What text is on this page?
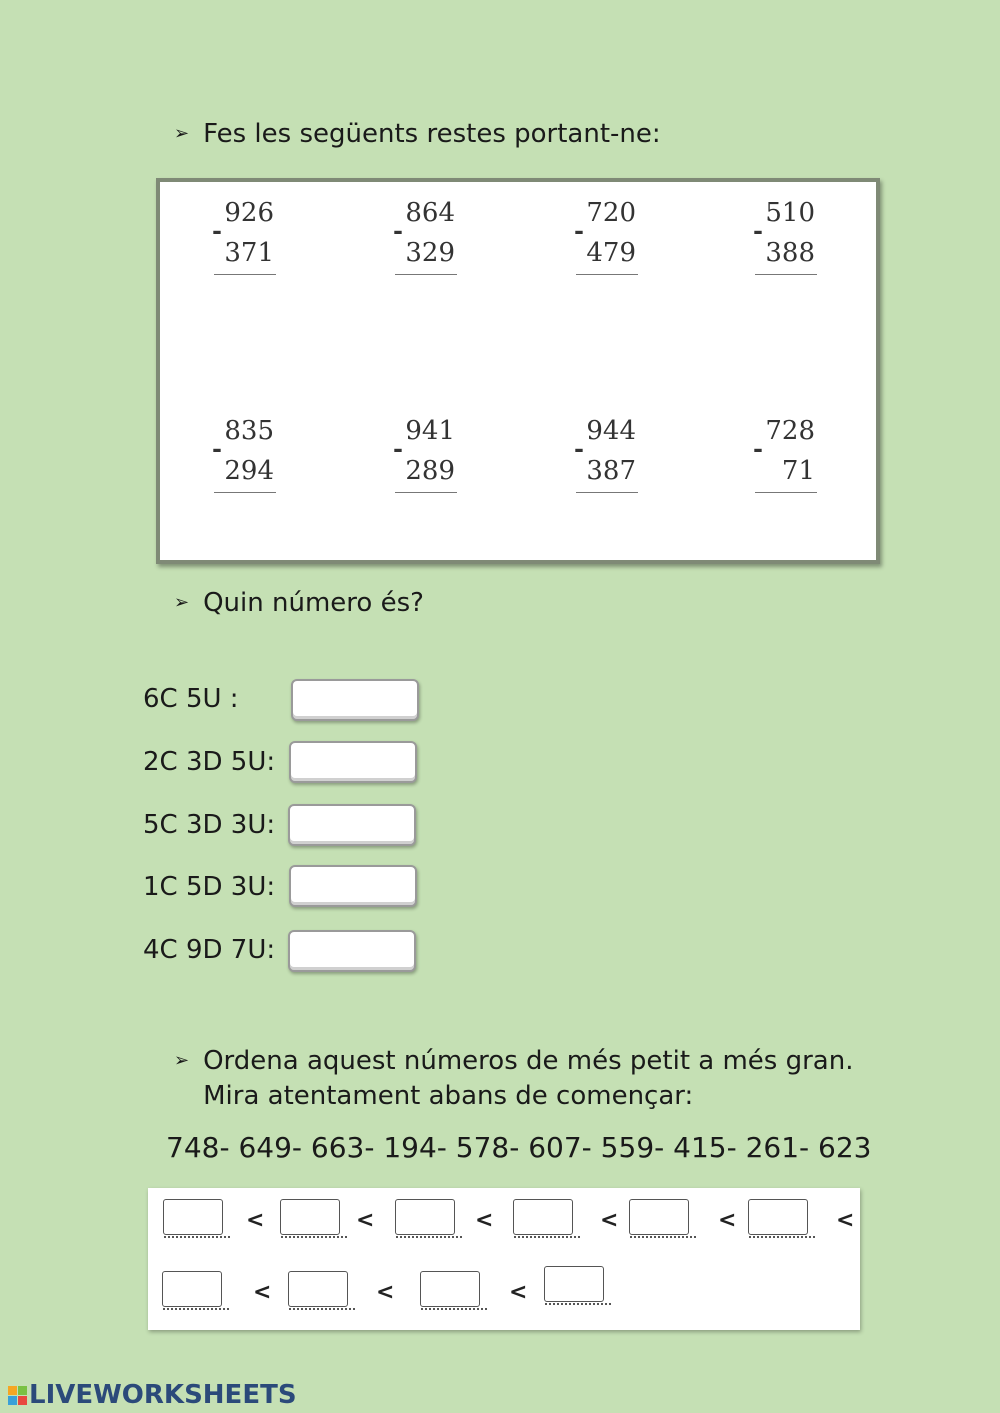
➢ Fes les següents restes portant-ne:
-
926
371
-
864
329
-
720
479
-
510
388
-
835
294
-
941
289
-
944
387
-
728
71
➢ Quin número és?
6C 5U :
2C 3D 5U:
5C 3D 3U:
1C 5D 3U:
4C 9D 7U:
➢ Ordena aquest números de més petit a més gran.
Mira atentament abans de començar:
748- 649- 663- 194- 578- 607- 559- 415- 261- 623
<	<	<	<	<	<
<	<	<
LIVEWORKSHEETS
